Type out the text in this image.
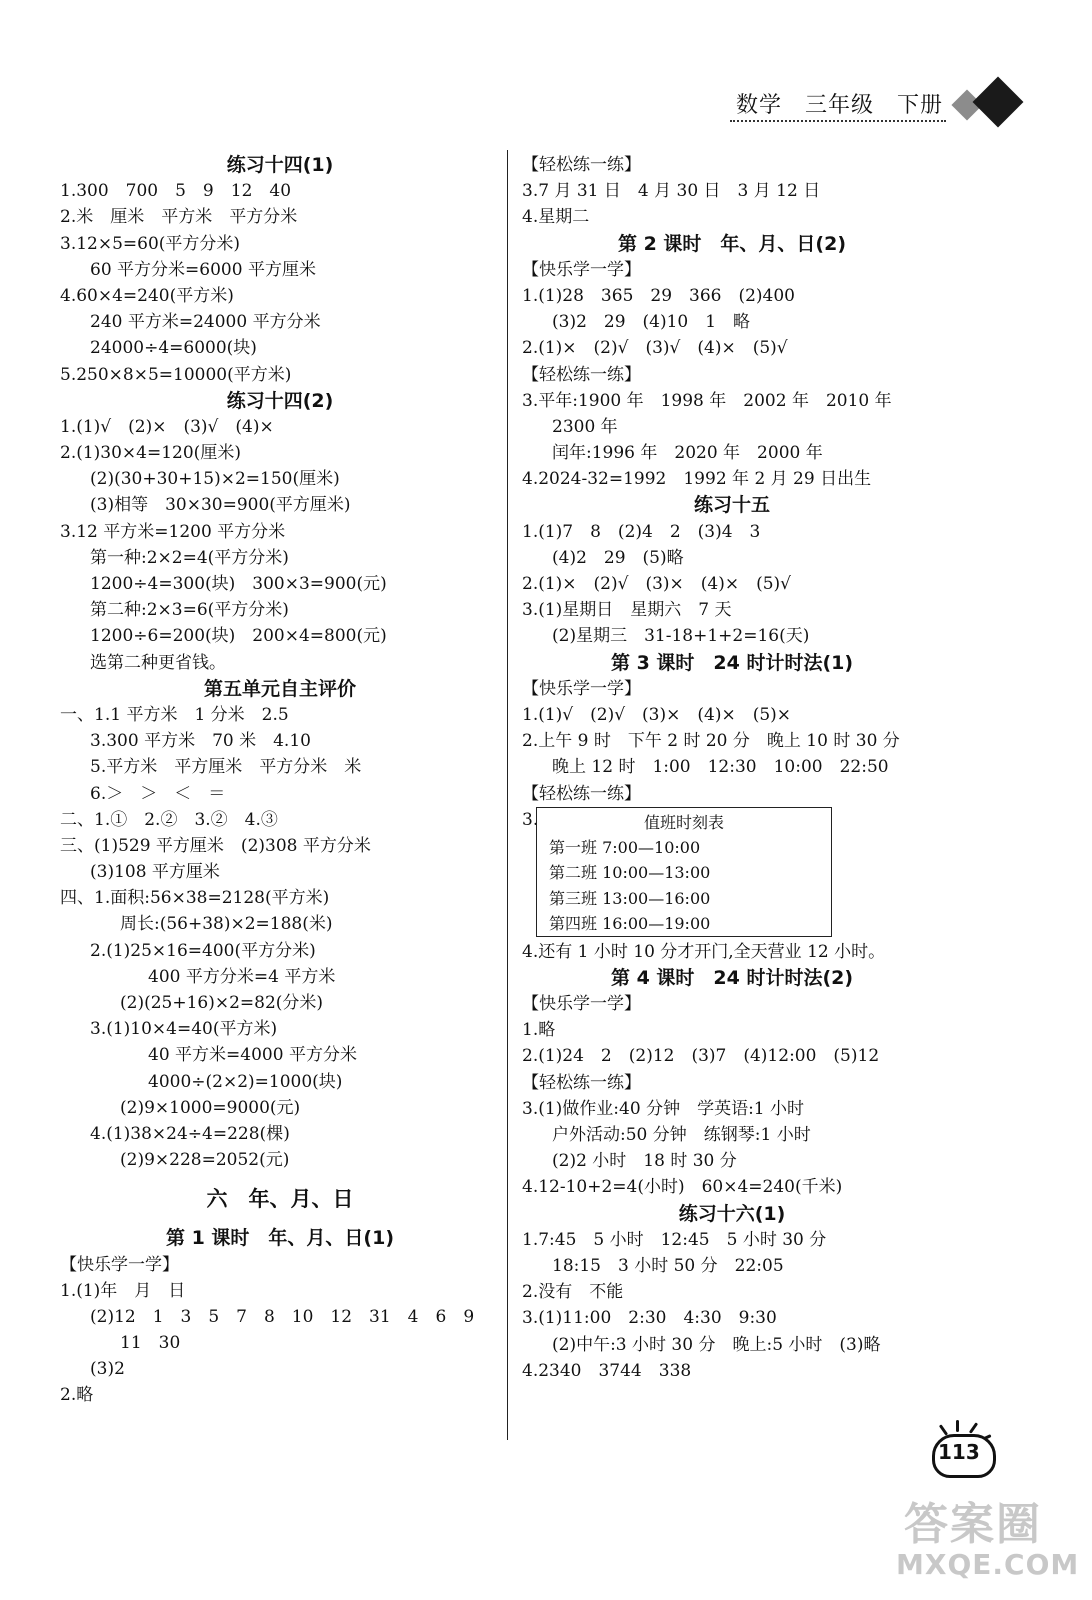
数学　三年级　下册
练习十四(1)
1.300　700　5　9　12　40
2.米　厘米　平方米　平方分米
3.12×5=60(平方分米)
60 平方分米=6000 平方厘米
4.60×4=240(平方米)
240 平方米=24000 平方分米
24000÷4=6000(块)
5.250×8×5=10000(平方米)
练习十四(2)
1.(1)√　(2)×　(3)√　(4)×
2.(1)30×4=120(厘米)
(2)(30+30+15)×2=150(厘米)
(3)相等　30×30=900(平方厘米)
3.12 平方米=1200 平方分米
第一种:2×2=4(平方分米)
1200÷4=300(块)　300×3=900(元)
第二种:2×3=6(平方分米)
1200÷6=200(块)　200×4=800(元)
选第二种更省钱。
第五单元自主评价
一、1.1 平方米　1 分米　2.5
3.300 平方米　70 米　4.10
5.平方米　平方厘米　平方分米　米
6.＞　＞　＜　＝
二、1.①　2.②　3.②　4.③
三、(1)529 平方厘米　(2)308 平方分米
(3)108 平方厘米
四、1.面积:56×38=2128(平方米)
周长:(56+38)×2=188(米)
2.(1)25×16=400(平方分米)
400 平方分米=4 平方米
(2)(25+16)×2=82(分米)
3.(1)10×4=40(平方米)
40 平方米=4000 平方分米
4000÷(2×2)=1000(块)
(2)9×1000=9000(元)
4.(1)38×24÷4=228(棵)
(2)9×228=2052(元)
六　年、月、日
第 1 课时　年、月、日(1)
【快乐学一学】
1.(1)年　月　日
(2)12　1　3　5　7　8　10　12　31　4　6　9
11　30
(3)2
2.略
【轻松练一练】
3.7 月 31 日　4 月 30 日　3 月 12 日
4.星期二
第 2 课时　年、月、日(2)
【快乐学一学】
1.(1)28　365　29　366　(2)400
(3)2　29　(4)10　1　略
2.(1)×　(2)√　(3)√　(4)×　(5)√
【轻松练一练】
3.平年:1900 年　1998 年　2002 年　2010 年
2300 年
闰年:1996 年　2020 年　2000 年
4.2024-32=1992　1992 年 2 月 29 日出生
练习十五
1.(1)7　8　(2)4　2　(3)4　3
(4)2　29　(5)略
2.(1)×　(2)√　(3)×　(4)×　(5)√
3.(1)星期日　星期六　7 天
(2)星期三　31-18+1+2=16(天)
第 3 课时　24 时计时法(1)
【快乐学一学】
1.(1)√　(2)√　(3)×　(4)×　(5)×
2.上午 9 时　下午 2 时 20 分　晚上 10 时 30 分
晚上 12 时　1:00　12:30　10:00　22:50
【轻松练一练】
3.	值班时刻表
第一班 7:00—10:00
第二班 10:00—13:00
第三班 13:00—16:00
第四班 16:00—19:00
4.还有 1 小时 10 分才开门,全天营业 12 小时。
第 4 课时　24 时计时法(2)
【快乐学一学】
1.略
2.(1)24　2　(2)12　(3)7　(4)12:00　(5)12
【轻松练一练】
3.(1)做作业:40 分钟　学英语:1 小时
户外活动:50 分钟　练钢琴:1 小时
(2)2 小时　18 时 30 分
4.12-10+2=4(小时)　60×4=240(千米)
练习十六(1)
1.7:45　5 小时　12:45　5 小时 30 分
18:15　3 小时 50 分　22:05
2.没有　不能
3.(1)11:00　2:30　4:30　9:30
(2)中午:3 小时 30 分　晚上:5 小时　(3)略
4.2340　3744　338
113
答案圈
MXQE.COM
